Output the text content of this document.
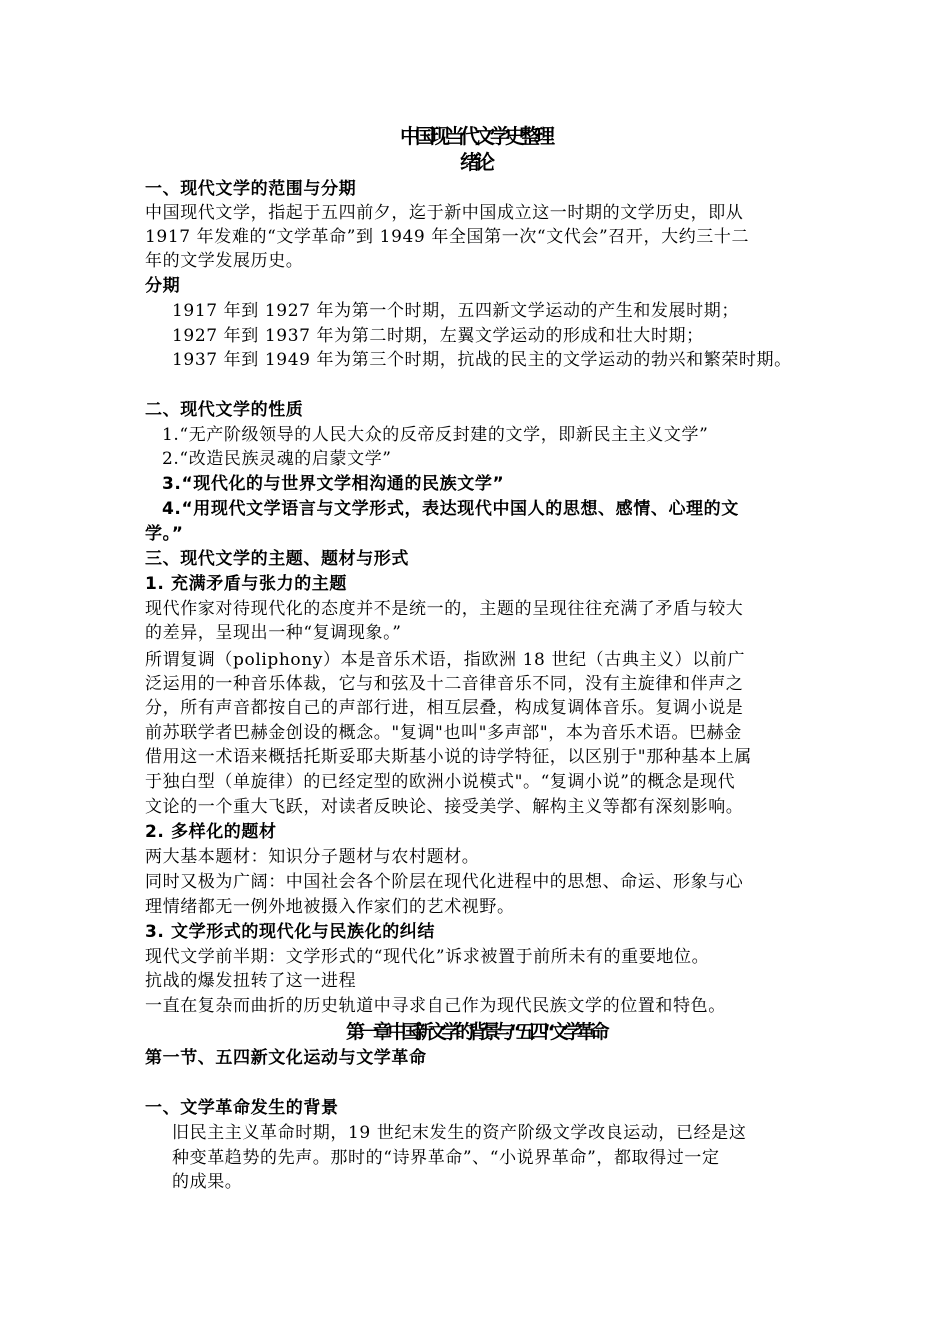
中国现当代文学史整理
绪论
一、现代文学的范围与分期
中国现代文学，指起于五四前夕，迄于新中国成立这一时期的文学历史，即从
1917 年发难的“文学革命”到 1949 年全国第一次“文代会”召开，大约三十二
年的文学发展历史。
分期
1917 年到 1927 年为第一个时期，五四新文学运动的产生和发展时期；
1927 年到 1937 年为第二时期，左翼文学运动的形成和壮大时期；
1937 年到 1949 年为第三个时期，抗战的民主的文学运动的勃兴和繁荣时期。
二、现代文学的性质
1.“无产阶级领导的人民大众的反帝反封建的文学，即新民主主义文学”
2.“改造民族灵魂的启蒙文学”
3.“现代化的与世界文学相沟通的民族文学”
4.“用现代文学语言与文学形式，表达现代中国人的思想、感情、心理的文
学。”
三、现代文学的主题、题材与形式
1. 充满矛盾与张力的主题
现代作家对待现代化的态度并不是统一的，主题的呈现往往充满了矛盾与较大
的差异，呈现出一种“复调现象。”
所谓复调（poliphony）本是音乐术语，指欧洲 18 世纪（古典主义）以前广
泛运用的一种音乐体裁，它与和弦及十二音律音乐不同，没有主旋律和伴声之
分，所有声音都按自己的声部行进，相互层叠，构成复调体音乐。复调小说是
前苏联学者巴赫金创设的概念。"复调"也叫"多声部"，本为音乐术语。巴赫金
借用这一术语来概括托斯妥耶夫斯基小说的诗学特征，以区别于"那种基本上属
于独白型（单旋律）的已经定型的欧洲小说模式"。“复调小说”的概念是现代
文论的一个重大飞跃，对读者反映论、接受美学、解构主义等都有深刻影响。
2. 多样化的题材
两大基本题材：知识分子题材与农村题材。
同时又极为广阔：中国社会各个阶层在现代化进程中的思想、命运、形象与心
理情绪都无一例外地被摄入作家们的艺术视野。
3. 文学形式的现代化与民族化的纠结
现代文学前半期：文学形式的“现代化”诉求被置于前所未有的重要地位。
抗战的爆发扭转了这一进程
一直在复杂而曲折的历史轨道中寻求自己作为现代民族文学的位置和特色。
第一章 中国新文学的背景与“五四“文学革命
第一节、五四新文化运动与文学革命
一、文学革命发生的背景
旧民主主义革命时期，19 世纪末发生的资产阶级文学改良运动，已经是这
种变革趋势的先声。那时的“诗界革命”、“小说界革命”，都取得过一定
的成果。
